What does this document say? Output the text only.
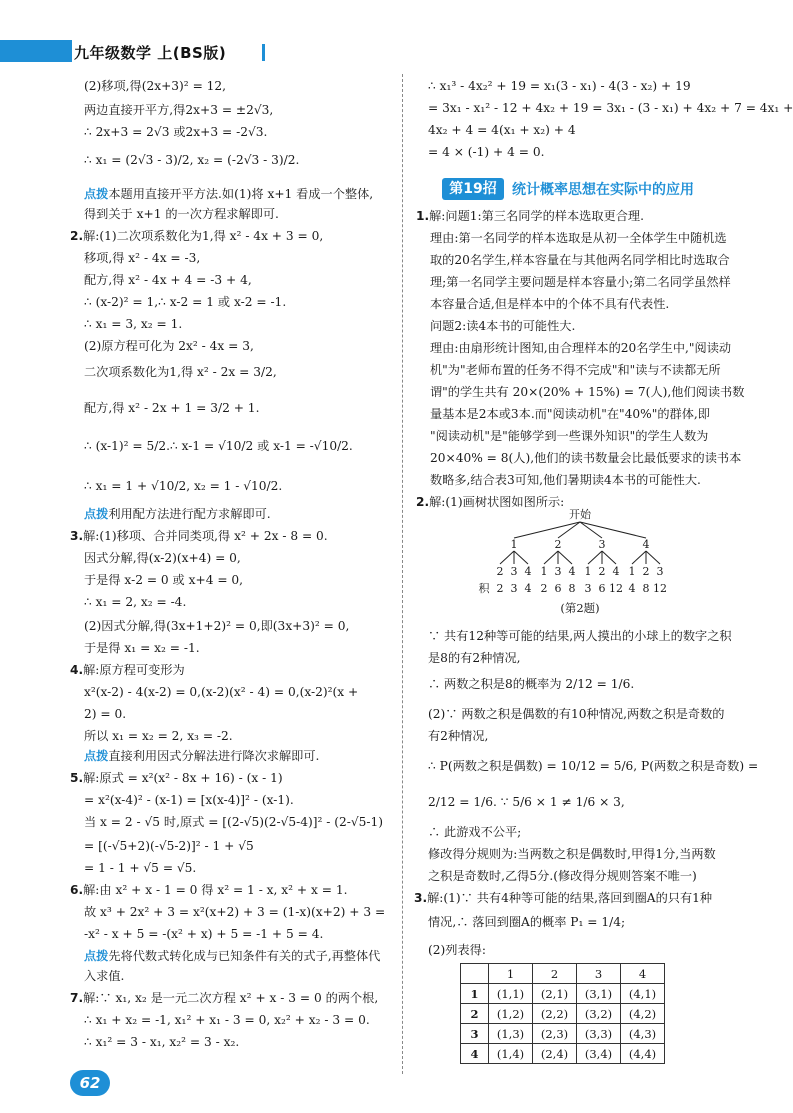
九年级数学 上(BS版)
第19招	统计概率思想在实际中的应用
开始
1	2	3	4
2 3 4 1 3 4 1 2 4 1 2 3
积 2 3 4 2 6 8 3 6 12 4 8 12
(第2题)
	1	2	3	4
1	(1,1)	(2,1)	(3,1)	(4,1)
2	(1,2)	(2,2)	(3,2)	(4,2)
3	(1,3)	(2,3)	(3,3)	(4,3)
4	(1,4)	(2,4)	(3,4)	(4,4)
62
(2)移项,得(2x+3)² = 12,
两边直接开平方,得2x+3 = ±2√3,
∴ 2x+3 = 2√3 或2x+3 = -2√3.
∴ x₁ = (2√3 - 3)/2, x₂ = (-2√3 - 3)/2.
点拨本题用直接开平方法.如(1)将 x+1 看成一个整体,
得到关于 x+1 的一次方程求解即可.
2.解:(1)二次项系数化为1,得 x² - 4x + 3 = 0,
移项,得 x² - 4x = -3,
配方,得 x² - 4x + 4 = -3 + 4,
∴ (x-2)² = 1,∴ x-2 = 1 或 x-2 = -1.
∴ x₁ = 3, x₂ = 1.
(2)原方程可化为 2x² - 4x = 3,
二次项系数化为1,得 x² - 2x = 3/2,
配方,得 x² - 2x + 1 = 3/2 + 1.
∴ (x-1)² = 5/2.∴ x-1 = √10/2 或 x-1 = -√10/2.
∴ x₁ = 1 + √10/2, x₂ = 1 - √10/2.
点拨利用配方法进行配方求解即可.
3.解:(1)移项、合并同类项,得 x² + 2x - 8 = 0.
因式分解,得(x-2)(x+4) = 0,
于是得 x-2 = 0 或 x+4 = 0,
∴ x₁ = 2, x₂ = -4.
(2)因式分解,得(3x+1+2)² = 0,即(3x+3)² = 0,
于是得 x₁ = x₂ = -1.
4.解:原方程可变形为
x²(x-2) - 4(x-2) = 0,(x-2)(x² - 4) = 0,(x-2)²(x +
2) = 0.
所以 x₁ = x₂ = 2, x₃ = -2.
点拨直接利用因式分解法进行降次求解即可.
5.解:原式 = x²(x² - 8x + 16) - (x - 1)
= x²(x-4)² - (x-1) = [x(x-4)]² - (x-1).
当 x = 2 - √5 时,原式 = [(2-√5)(2-√5-4)]² - (2-√5-1)
= [(-√5+2)(-√5-2)]² - 1 + √5
= 1 - 1 + √5 = √5.
6.解:由 x² + x - 1 = 0 得 x² = 1 - x, x² + x = 1.
故 x³ + 2x² + 3 = x²(x+2) + 3 = (1-x)(x+2) + 3 =
-x² - x + 5 = -(x² + x) + 5 = -1 + 5 = 4.
点拨先将代数式转化成与已知条件有关的式子,再整体代
入求值.
7.解:∵ x₁, x₂ 是一元二次方程 x² + x - 3 = 0 的两个根,
∴ x₁ + x₂ = -1, x₁² + x₁ - 3 = 0, x₂² + x₂ - 3 = 0.
∴ x₁² = 3 - x₁, x₂² = 3 - x₂.
∴ x₁³ - 4x₂² + 19 = x₁(3 - x₁) - 4(3 - x₂) + 19
= 3x₁ - x₁² - 12 + 4x₂ + 19 = 3x₁ - (3 - x₁) + 4x₂ + 7 = 4x₁ +
4x₂ + 4 = 4(x₁ + x₂) + 4
= 4 × (-1) + 4 = 0.
1.解:问题1:第三名同学的样本选取更合理.
理由:第一名同学的样本选取是从初一全体学生中随机选
取的20名学生,样本容量在与其他两名同学相比时选取合
理;第一名同学主要问题是样本容量小;第二名同学虽然样
本容量合适,但是样本中的个体不具有代表性.
问题2:读4本书的可能性大.
理由:由扇形统计图知,由合理样本的20名学生中,"阅读动
机"为"老师布置的任务不得不完成"和"读与不读都无所
谓"的学生共有 20×(20% + 15%) = 7(人),他们阅读书数
量基本是2本或3本.而"阅读动机"在"40%"的群体,即
"阅读动机"是"能够学到一些课外知识"的学生人数为
20×40% = 8(人),他们的读书数量会比最低要求的读书本
数略多,结合表3可知,他们暑期读4本书的可能性大.
2.解:(1)画树状图如图所示:
∵ 共有12种等可能的结果,两人摸出的小球上的数字之积
是8的有2种情况,
∴ 两数之积是8的概率为 2/12 = 1/6.
(2)∵ 两数之积是偶数的有10种情况,两数之积是奇数的
有2种情况,
∴ P(两数之积是偶数) = 10/12 = 5/6, P(两数之积是奇数) =
2/12 = 1/6. ∵ 5/6 × 1 ≠ 1/6 × 3,
∴ 此游戏不公平;
修改得分规则为:当两数之积是偶数时,甲得1分,当两数
之积是奇数时,乙得5分.(修改得分规则答案不唯一)
3.解:(1)∵ 共有4种等可能的结果,落回到圈A的只有1种
情况,∴ 落回到圈A的概率 P₁ = 1/4;
(2)列表得:
